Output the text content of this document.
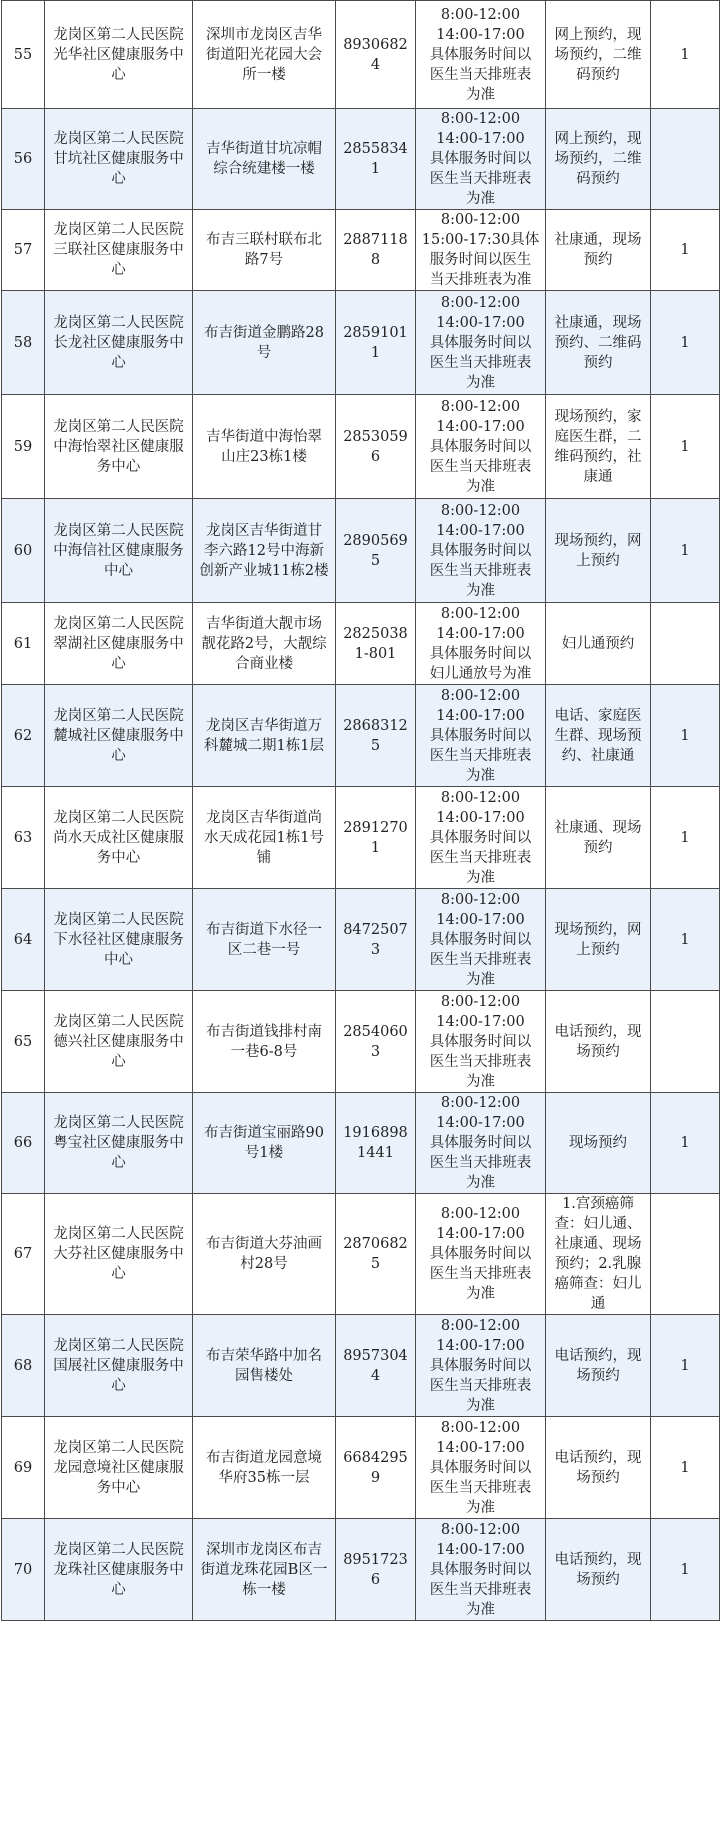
55	龙岗区第二人民医院光华社区健康服务中心	深圳市龙岗区吉华街道阳光花园大会所一楼	89306824	8:00-12:00
14:00-17:00
具体服务时间以
医生当天排班表
为准	网上预约，现场预约，二维码预约	1
56	龙岗区第二人民医院甘坑社区健康服务中心	吉华街道甘坑凉帽综合统建楼一楼	28558341	8:00-12:00
14:00-17:00
具体服务时间以
医生当天排班表
为准	网上预约，现场预约，二维码预约	
57	龙岗区第二人民医院三联社区健康服务中心	布吉三联村联布北路7号	28871188	8:00-12:00
15:00-17:30具体
服务时间以医生
当天排班表为准	社康通，现场预约	1
58	龙岗区第二人民医院长龙社区健康服务中心	布吉街道金鹏路28号	28591011	8:00-12:00
14:00-17:00
具体服务时间以
医生当天排班表
为准	社康通，现场预约、二维码预约	1
59	龙岗区第二人民医院中海怡翠社区健康服务中心	吉华街道中海怡翠山庄23栋1楼	28530596	8:00-12:00
14:00-17:00
具体服务时间以
医生当天排班表
为准	现场预约，家庭医生群，二维码预约，社康通	1
60	龙岗区第二人民医院中海信社区健康服务中心	龙岗区吉华街道甘李六路12号中海新创新产业城11栋2楼	28905695	8:00-12:00
14:00-17:00
具体服务时间以
医生当天排班表
为准	现场预约，网上预约	1
61	龙岗区第二人民医院翠湖社区健康服务中心	吉华街道大靓市场靓花路2号，大靓综合商业楼	28250381-801	8:00-12:00
14:00-17:00
具体服务时间以
妇儿通放号为准	妇儿通预约	
62	龙岗区第二人民医院麓城社区健康服务中心	龙岗区吉华街道万科麓城二期1栋1层	28683125	8:00-12:00
14:00-17:00
具体服务时间以
医生当天排班表
为准	电话、家庭医生群、现场预约、社康通	1
63	龙岗区第二人民医院尚水天成社区健康服务中心	龙岗区吉华街道尚水天成花园1栋1号铺	28912701	8:00-12:00
14:00-17:00
具体服务时间以
医生当天排班表
为准	社康通、现场预约	1
64	龙岗区第二人民医院下水径社区健康服务中心	布吉街道下水径一区二巷一号	84725073	8:00-12:00
14:00-17:00
具体服务时间以
医生当天排班表
为准	现场预约，网上预约	1
65	龙岗区第二人民医院德兴社区健康服务中心	布吉街道钱排村南一巷6-8号	28540603	8:00-12:00
14:00-17:00
具体服务时间以
医生当天排班表
为准	电话预约，现场预约	
66	龙岗区第二人民医院粤宝社区健康服务中心	布吉街道宝丽路90号1楼	19168981441	8:00-12:00
14:00-17:00
具体服务时间以
医生当天排班表
为准	现场预约	1
67	龙岗区第二人民医院大芬社区健康服务中心	布吉街道大芬油画村28号	28706825	8:00-12:00
14:00-17:00
具体服务时间以
医生当天排班表
为准	1.宫颈癌筛查：妇儿通、社康通、现场预约；2.乳腺癌筛查：妇儿通	
68	龙岗区第二人民医院国展社区健康服务中心	布吉荣华路中加名园售楼处	89573044	8:00-12:00
14:00-17:00
具体服务时间以
医生当天排班表
为准	电话预约，现场预约	1
69	龙岗区第二人民医院龙园意境社区健康服务中心	布吉街道龙园意境华府35栋一层	66842959	8:00-12:00
14:00-17:00
具体服务时间以
医生当天排班表
为准	电话预约，现场预约	1
70	龙岗区第二人民医院龙珠社区健康服务中心	深圳市龙岗区布吉街道龙珠花园B区一栋一楼	89517236	8:00-12:00
14:00-17:00
具体服务时间以
医生当天排班表
为准	电话预约，现场预约	1
